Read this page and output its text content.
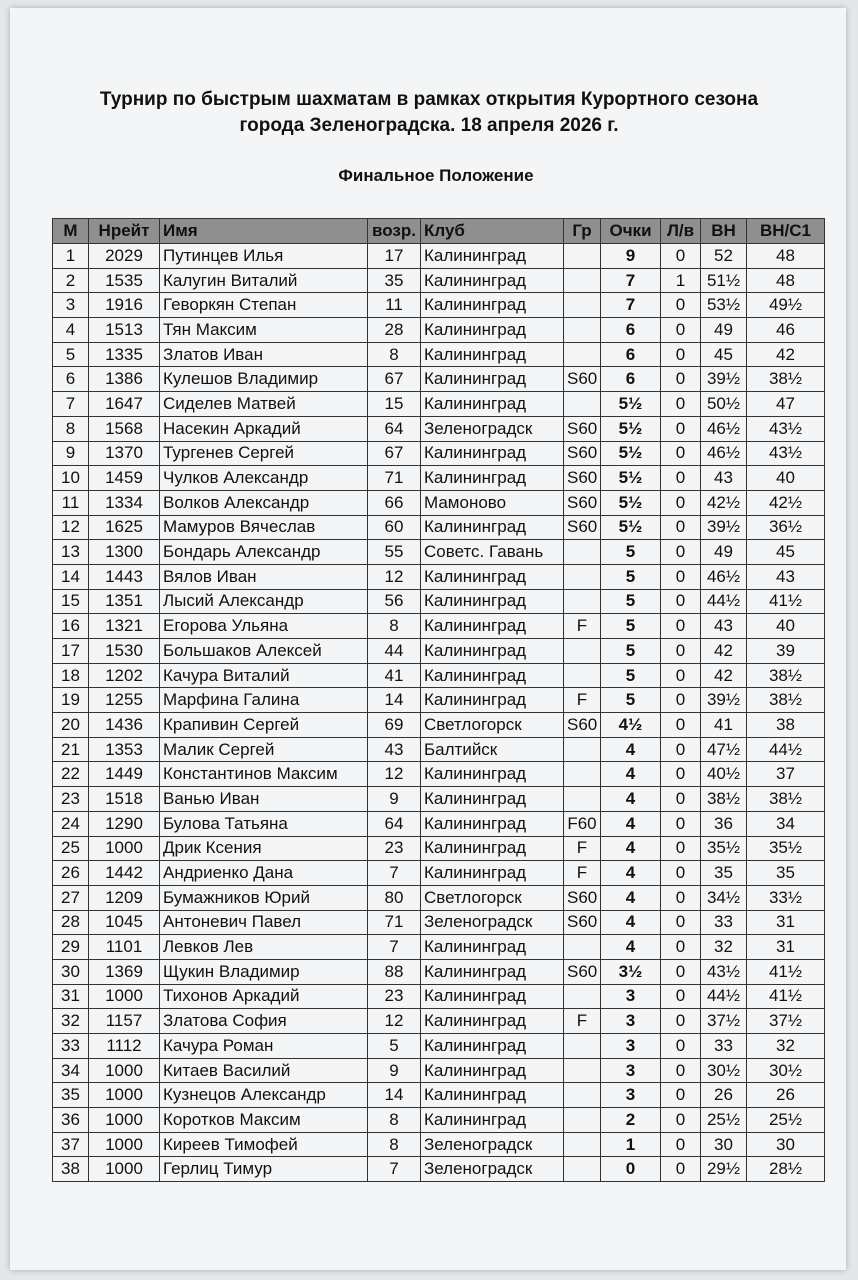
Турнир по быстрым шахматам в рамках открытия Курортного сезона
города Зеленоградска. 18 апреля 2026 г.
Финальное Положение
М	Нрейт	Имя	возр.	Клуб	Гр	Очки	Л/в	ВН	ВН/С1
1	2029	Путинцев Илья	17	Калининград		9	0	52	48
2	1535	Калугин Виталий	35	Калининград		7	1	51½	48
3	1916	Геворкян Степан	11	Калининград		7	0	53½	49½
4	1513	Тян Максим	28	Калининград		6	0	49	46
5	1335	Златов Иван	8	Калининград		6	0	45	42
6	1386	Кулешов Владимир	67	Калининград	S60	6	0	39½	38½
7	1647	Сиделев Матвей	15	Калининград		5½	0	50½	47
8	1568	Насекин Аркадий	64	Зеленоградск	S60	5½	0	46½	43½
9	1370	Тургенев Сергей	67	Калининград	S60	5½	0	46½	43½
10	1459	Чулков Александр	71	Калининград	S60	5½	0	43	40
11	1334	Волков Александр	66	Мамоново	S60	5½	0	42½	42½
12	1625	Мамуров Вячеслав	60	Калининград	S60	5½	0	39½	36½
13	1300	Бондарь Александр	55	Советс. Гавань		5	0	49	45
14	1443	Вялов Иван	12	Калининград		5	0	46½	43
15	1351	Лысий Александр	56	Калининград		5	0	44½	41½
16	1321	Егорова Ульяна	8	Калининград	F	5	0	43	40
17	1530	Большаков Алексей	44	Калининград		5	0	42	39
18	1202	Качура Виталий	41	Калининград		5	0	42	38½
19	1255	Марфина Галина	14	Калининград	F	5	0	39½	38½
20	1436	Крапивин Сергей	69	Светлогорск	S60	4½	0	41	38
21	1353	Малик Сергей	43	Балтийск		4	0	47½	44½
22	1449	Константинов Максим	12	Калининград		4	0	40½	37
23	1518	Ванью Иван	9	Калининград		4	0	38½	38½
24	1290	Булова Татьяна	64	Калининград	F60	4	0	36	34
25	1000	Дрик Ксения	23	Калининград	F	4	0	35½	35½
26	1442	Андриенко Дана	7	Калининград	F	4	0	35	35
27	1209	Бумажников Юрий	80	Светлогорск	S60	4	0	34½	33½
28	1045	Антоневич Павел	71	Зеленоградск	S60	4	0	33	31
29	1101	Левков Лев	7	Калининград		4	0	32	31
30	1369	Щукин Владимир	88	Калининград	S60	3½	0	43½	41½
31	1000	Тихонов Аркадий	23	Калининград		3	0	44½	41½
32	1157	Златова София	12	Калининград	F	3	0	37½	37½
33	1112	Качура Роман	5	Калининград		3	0	33	32
34	1000	Китаев Василий	9	Калининград		3	0	30½	30½
35	1000	Кузнецов Александр	14	Калининград		3	0	26	26
36	1000	Коротков Максим	8	Калининград		2	0	25½	25½
37	1000	Киреев Тимофей	8	Зеленоградск		1	0	30	30
38	1000	Герлиц Тимур	7	Зеленоградск		0	0	29½	28½
